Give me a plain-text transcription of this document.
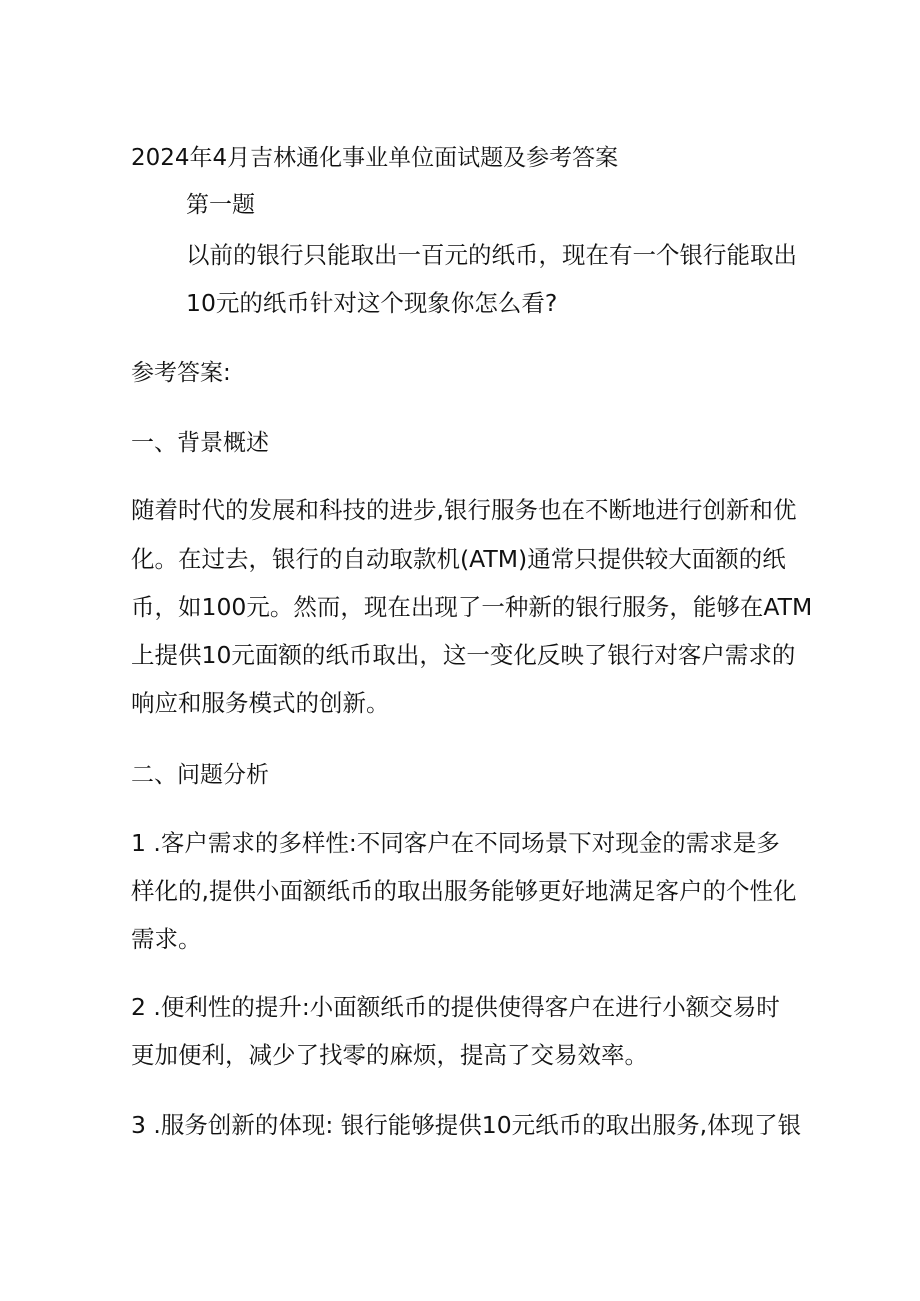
2024年4月吉林通化事业单位面试题及参考答案
第一题
以前的银行只能取出一百元的纸币，现在有一个银行能取出
10元的纸币针对这个现象你怎么看?
参考答案:
一、背景概述
随着时代的发展和科技的进步,银行服务也在不断地进行创新和优
化。在过去，银行的自动取款机(ATM)通常只提供较大面额的纸
币，如100元。然而，现在出现了一种新的银行服务，能够在ATM
上提供10元面额的纸币取出，这一变化反映了银行对客户需求的
响应和服务模式的创新。
二、问题分析
1 .客户需求的多样性:不同客户在不同场景下对现金的需求是多
样化的,提供小面额纸币的取出服务能够更好地满足客户的个性化
需求。
2 .便利性的提升:小面额纸币的提供使得客户在进行小额交易时
更加便利，减少了找零的麻烦，提高了交易效率。
3 .服务创新的体现: 银行能够提供10元纸币的取出服务,体现了银
